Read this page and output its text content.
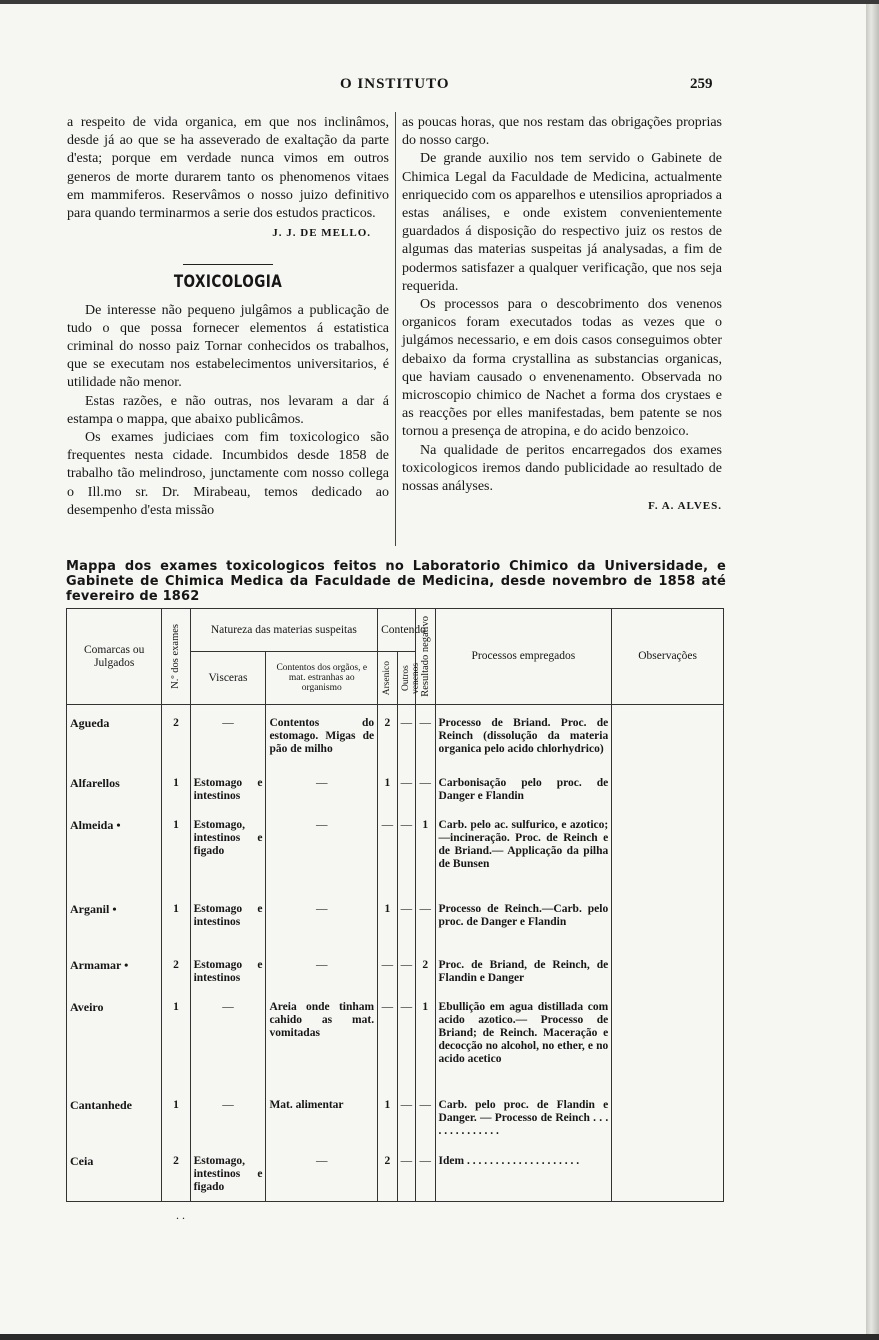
O INSTITUTO	259

a respeito de vida organica, em que nos inclinâmos, desde já ao que se ha asseverado de exaltação da parte d'esta; porque em verdade nunca vimos em outros generos de morte durarem tanto os phenomenos vitaes em mammiferos. Reservâmos o nosso juizo definitivo para quando terminarmos a serie dos estudos practicos.

J. J. DE MELLO.
TOXICOLOGIA

De interesse não pequeno julgâmos a publicação de tudo o que possa fornecer elementos á estatistica criminal do nosso paiz Tornar conhecidos os trabalhos, que se executam nos estabelecimentos universitarios, é utilidade não menor.

Estas razões, e não outras, nos levaram a dar á estampa o mappa, que abaixo publicâmos.

Os exames judiciaes com fim toxicologico são frequentes nesta cidade. Incumbidos desde 1858 de trabalho tão melindroso, junctamente com nosso collega o Ill.mo sr. Dr. Mirabeau, temos dedicado ao desempenho d'esta missão

as poucas horas, que nos restam das obrigações proprias do nosso cargo.

De grande auxilio nos tem servido o Gabinete de Chimica Legal da Faculdade de Medicina, actualmente enriquecido com os apparelhos e utensilios apropriados a estas análises, e onde existem convenientemente guardados á disposição do respectivo juiz os restos de algumas das materias suspeitas já analysadas, a fim de podermos satisfazer a qualquer verificação, que nos seja requerida.

Os processos para o descobrimento dos venenos organicos foram executados todas as vezes que o julgámos necessario, e em dois casos conseguimos obter debaixo da forma crystallina as substancias organicas, que haviam causado o envenenamento. Observada no microscopio chimico de Nachet a forma dos crystaes e as reacções por elles manifestadas, bem patente se nos tornou a presença de atropina, e do acido benzoico.

Na qualidade de peritos encarregados dos exames toxicologicos iremos dando publicidade ao resultado de nossas anályses.

F. A. ALVES.

Mappa dos exames toxicologicos feitos no Laboratorio Chimico da Universidade, e Gabinete de Chimica Medica da Faculdade de Medicina, desde novembro de 1858 até fevereiro de 1862

Comarcas ou Julgados	N.º dos exames	Natureza das materias suspeitas		Contendo		Resultado negativo	Processos empregados	Observações
		Visceras	Contentos dos orgãos, e mat. estranhas ao organismo	Arsenico	Outros venenos			

Agueda	2	—	Contentos do estomago. Migas de pão de milho	2	—	—	Processo de Briand. Proc. de Reinch (dissolução da materia organica pelo acido chlorhydrico)	
Alfarellos	1	Estomago e intestinos	—	1	—	—	Carbonisação pelo proc. de Danger e Flandin	
Almeida •	1	Estomago, intestinos e figado	—	—	—	1	Carb. pelo ac. sulfurico, e azotico;—incineração. Proc. de Reinch e de Briand.— Applicação da pilha de Bunsen	
Arganil •	1	Estomago e intestinos	—	1	—	—	Processo de Reinch.—Carb. pelo proc. de Danger e Flandin	
Armamar •	2	Estomago e intestinos	—	—	—	2	Proc. de Briand, de Reinch, de Flandin e Danger	
Aveiro	1	—	Areia onde tinham cahido as mat. vomitadas	—	—	1	Ebullição em agua distillada com acido azotico.— Processo de Briand; de Reinch. Maceração e decocção no alcohol, no ether, e no acido acetico	
Cantanhede	1	—	Mat. alimentar	1	—	—	Carb. pelo proc. de Flandin e Danger. — Processo de Reinch . . . . . . . . . . . . . .	
Ceia	2	Estomago, intestinos e figado	—	2	—	—	Idem . . . . . . . . . . . . . . . . . . . .	
. .
